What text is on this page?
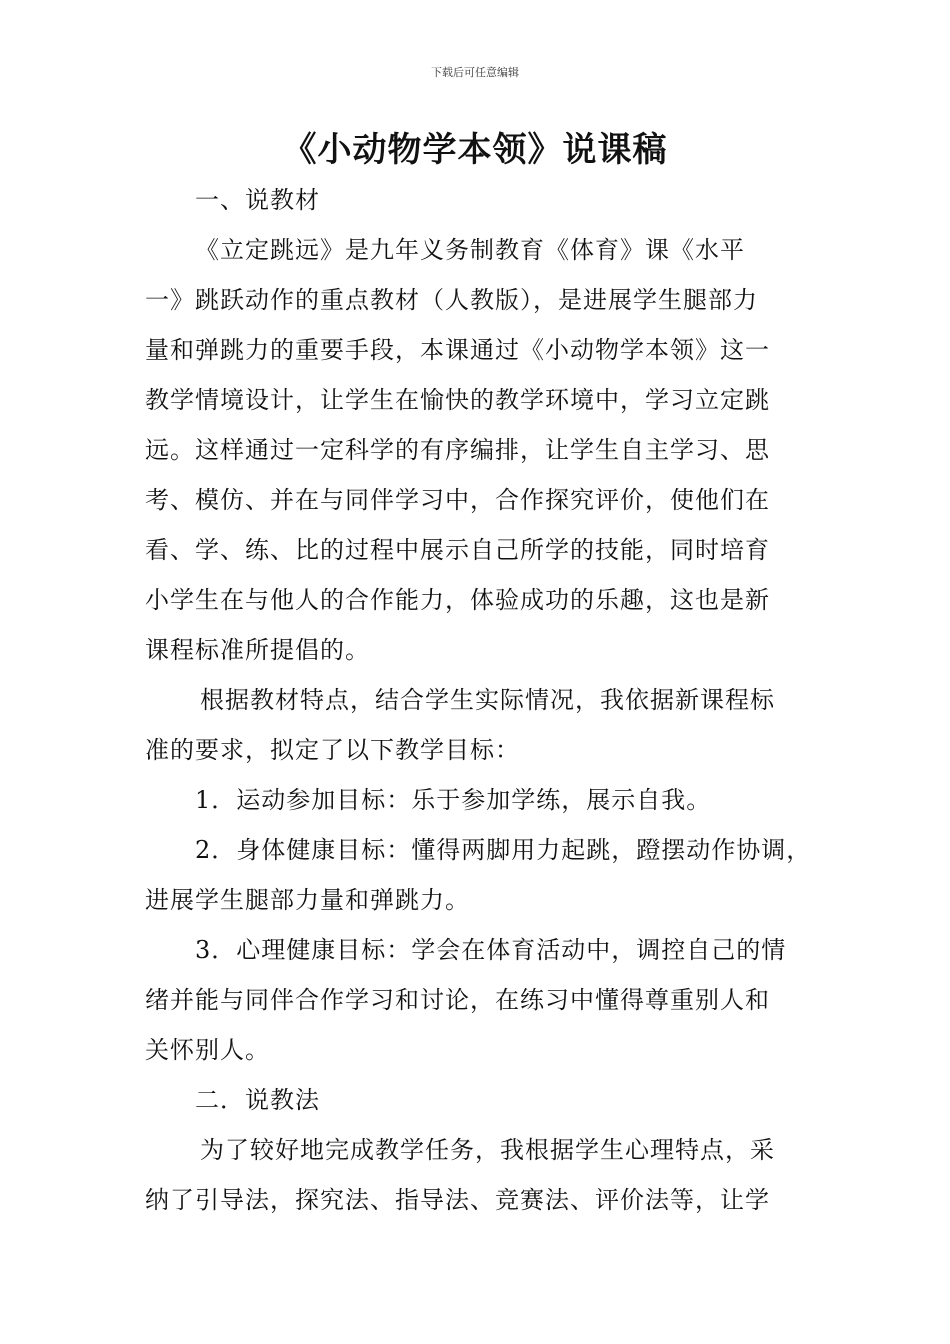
下载后可任意编辑
《小动物学本领》说课稿
一、说教材
《立定跳远》是九年义务制教育《体育》课《水平
一》跳跃动作的重点教材（人教版），是进展学生腿部力
量和弹跳力的重要手段，本课通过《小动物学本领》这一
教学情境设计，让学生在愉快的教学环境中，学习立定跳
远。这样通过一定科学的有序编排，让学生自主学习、思
考、模仿、并在与同伴学习中，合作探究评价，使他们在
看、学、练、比的过程中展示自己所学的技能，同时培育
小学生在与他人的合作能力，体验成功的乐趣，这也是新
课程标准所提倡的。
根据教材特点，结合学生实际情况，我依据新课程标
准的要求，拟定了以下教学目标：
1．运动参加目标：乐于参加学练，展示自我。
2．身体健康目标：懂得两脚用力起跳，蹬摆动作协调，
进展学生腿部力量和弹跳力。
3．心理健康目标：学会在体育活动中，调控自己的情
绪并能与同伴合作学习和讨论，在练习中懂得尊重别人和
关怀别人。
二．说教法
为了较好地完成教学任务，我根据学生心理特点，采
纳了引导法，探究法、指导法、竞赛法、评价法等，让学
